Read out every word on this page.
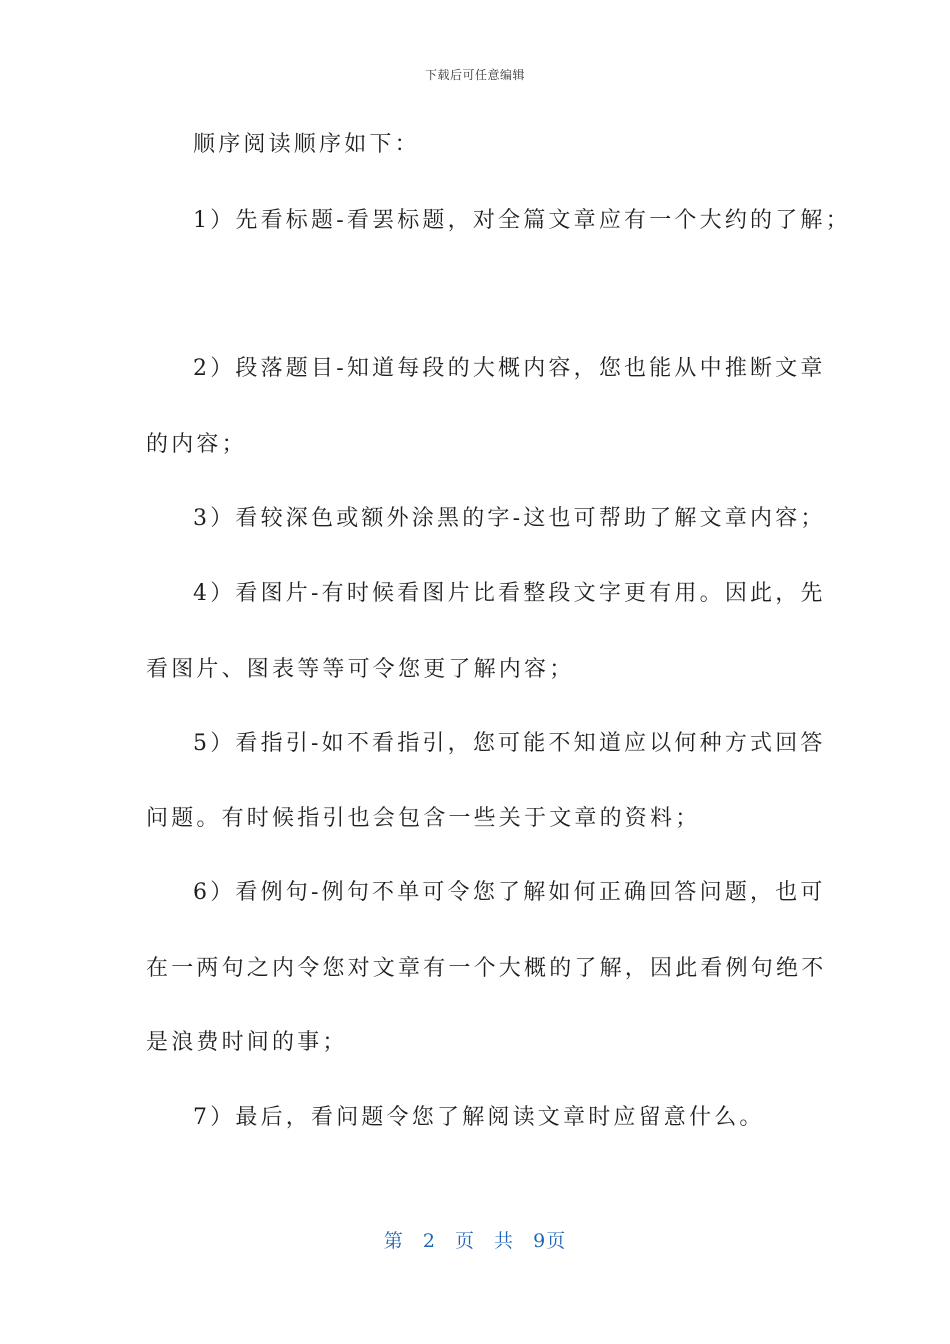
下载后可任意编辑
顺序阅读顺序如下：
1）先看标题-看罢标题，对全篇文章应有一个大约的了解；
2）段落题目-知道每段的大概内容，您也能从中推断文章
的内容；
3）看较深色或额外涂黑的字-这也可帮助了解文章内容；
4）看图片-有时候看图片比看整段文字更有用。因此，先
看图片、图表等等可令您更了解内容；
5）看指引-如不看指引，您可能不知道应以何种方式回答
问题。有时候指引也会包含一些关于文章的资料；
6）看例句-例句不单可令您了解如何正确回答问题，也可
在一两句之内令您对文章有一个大概的了解，因此看例句绝不
是浪费时间的事；
7）最后，看问题令您了解阅读文章时应留意什么。
第 2 页 共 9页
